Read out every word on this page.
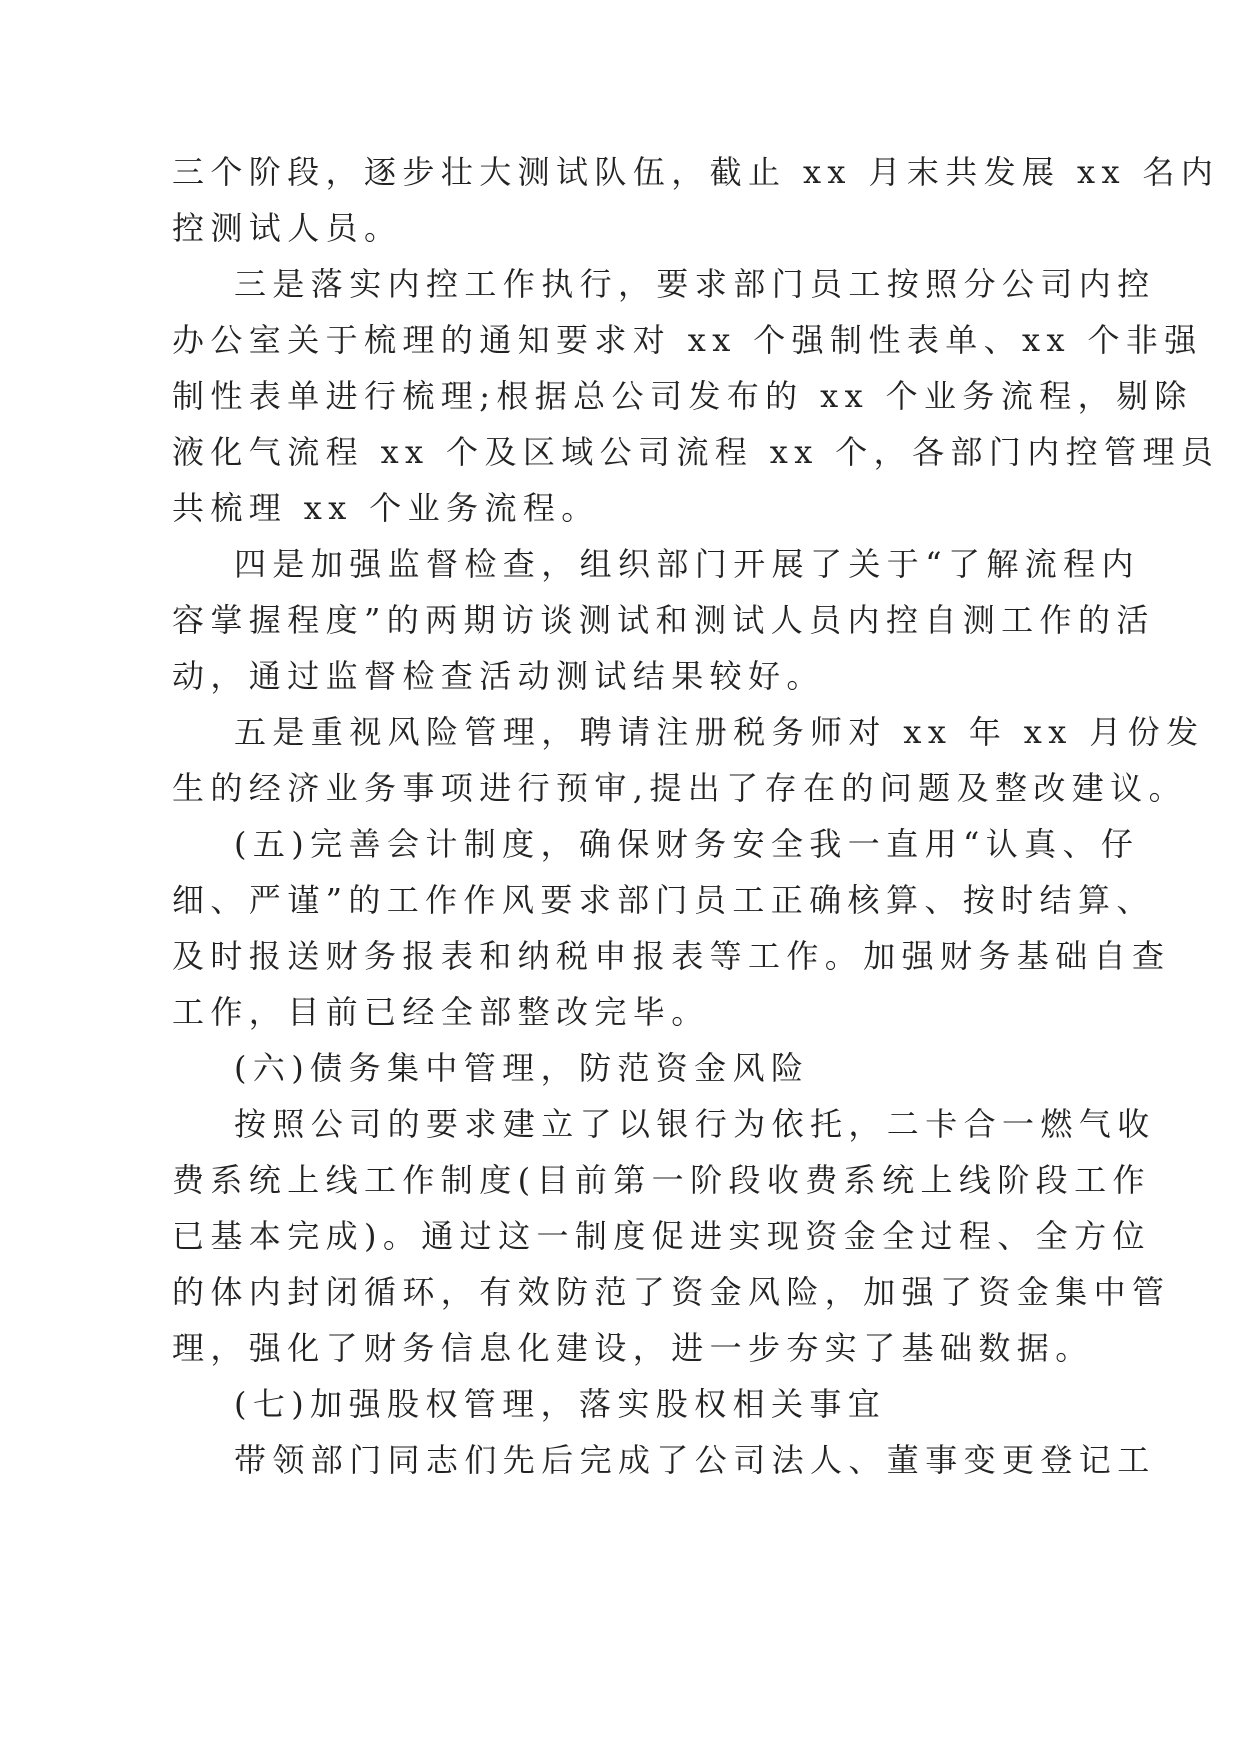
三个阶段，逐步壮大测试队伍，截止 xx 月末共发展 xx 名内
控测试人员。
三是落实内控工作执行，要求部门员工按照分公司内控
办公室关于梳理的通知要求对 xx 个强制性表单、xx 个非强
制性表单进行梳理;根据总公司发布的 xx 个业务流程，剔除
液化气流程 xx 个及区域公司流程 xx 个，各部门内控管理员
共梳理 xx 个业务流程。
四是加强监督检查，组织部门开展了关于“了解流程内
容掌握程度”的两期访谈测试和测试人员内控自测工作的活
动，通过监督检查活动测试结果较好。
五是重视风险管理，聘请注册税务师对 xx 年 xx 月份发
生的经济业务事项进行预审,提出了存在的问题及整改建议。
(五)完善会计制度，确保财务安全我一直用“认真、仔
细、严谨”的工作作风要求部门员工正确核算、按时结算、
及时报送财务报表和纳税申报表等工作。加强财务基础自查
工作，目前已经全部整改完毕。
(六)债务集中管理，防范资金风险
按照公司的要求建立了以银行为依托，二卡合一燃气收
费系统上线工作制度(目前第一阶段收费系统上线阶段工作
已基本完成)。通过这一制度促进实现资金全过程、全方位
的体内封闭循环，有效防范了资金风险，加强了资金集中管
理，强化了财务信息化建设，进一步夯实了基础数据。
(七)加强股权管理，落实股权相关事宜
带领部门同志们先后完成了公司法人、董事变更登记工
